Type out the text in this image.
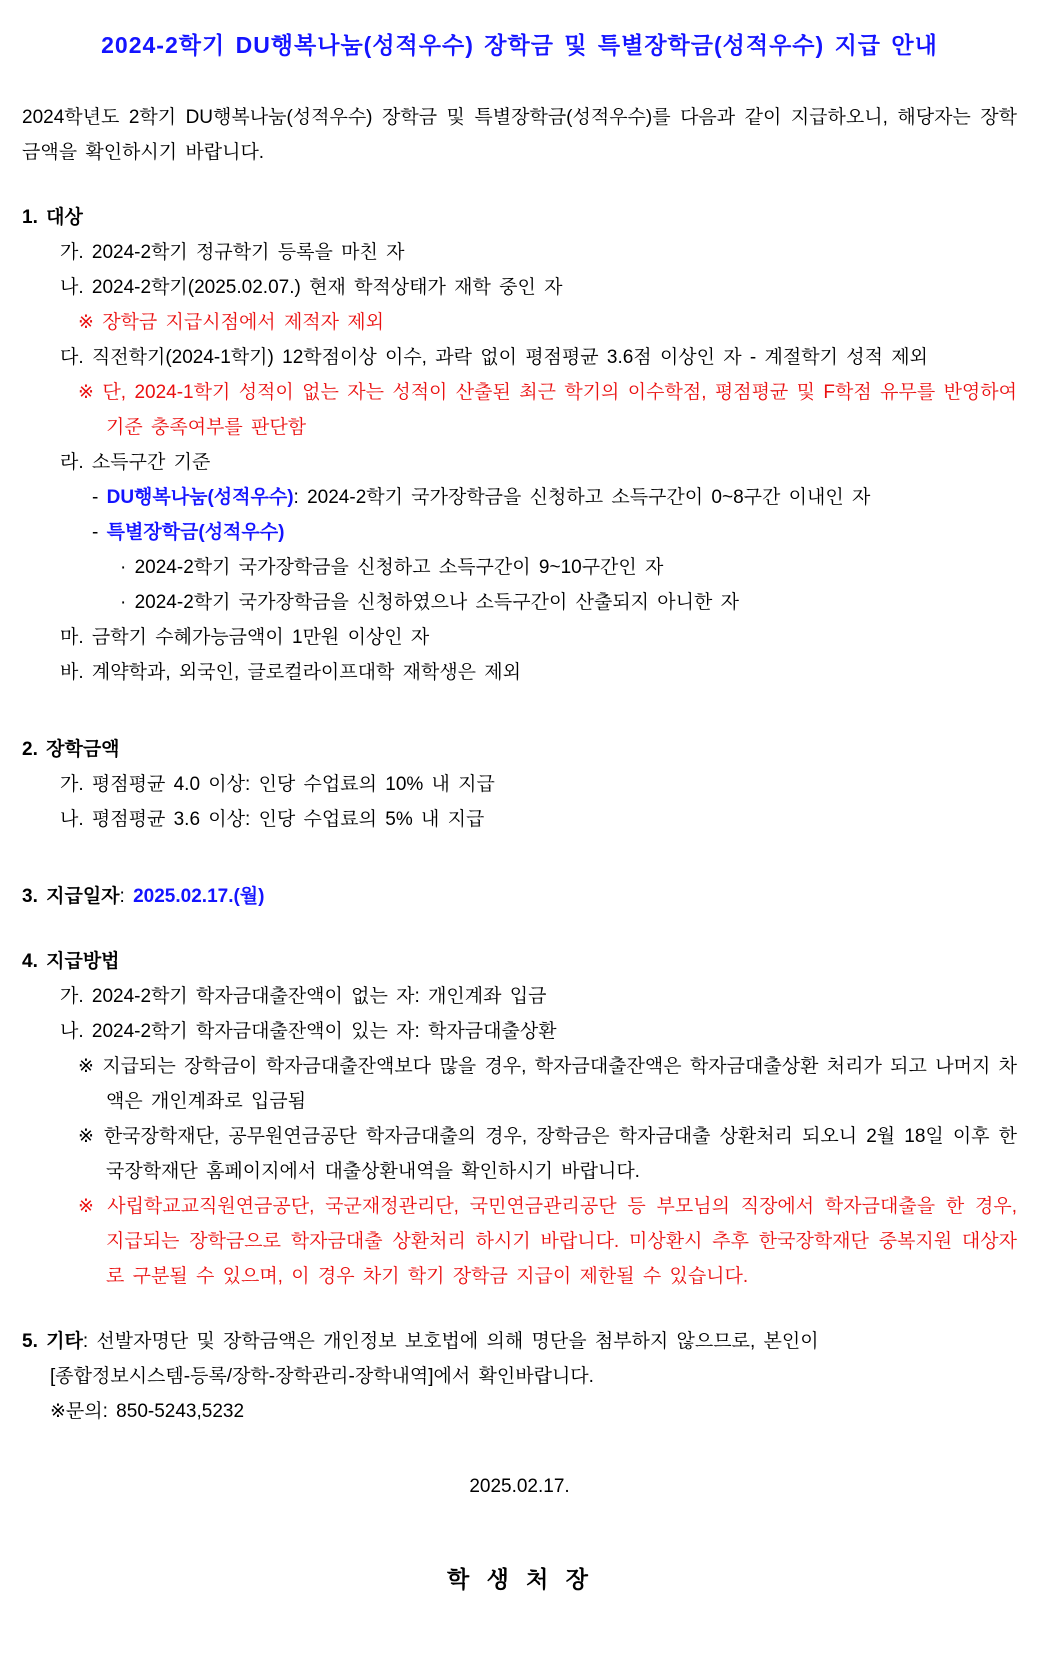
2024-2학기 DU행복나눔(성적우수) 장학금 및 특별장학금(성적우수) 지급 안내
2024학년도 2학기 DU행복나눔(성적우수) 장학금 및 특별장학금(성적우수)를 다음과 같이 지급하오니, 해당자는 장학금액을 확인하시기 바랍니다.
1. 대상
가. 2024-2학기 정규학기 등록을 마친 자
나. 2024-2학기(2025.02.07.) 현재 학적상태가 재학 중인 자
※ 장학금 지급시점에서 제적자 제외
다. 직전학기(2024-1학기) 12학점이상 이수, 과락 없이 평점평균 3.6점 이상인 자 - 계절학기 성적 제외
※ 단, 2024-1학기 성적이 없는 자는 성적이 산출된 최근 학기의 이수학점, 평점평균 및 F학점 유무를 반영하여 기준 충족여부를 판단함
라. 소득구간 기준
- DU행복나눔(성적우수): 2024-2학기 국가장학금을 신청하고 소득구간이 0~8구간 이내인 자
- 특별장학금(성적우수)
· 2024-2학기 국가장학금을 신청하고 소득구간이 9~10구간인 자
· 2024-2학기 국가장학금을 신청하였으나 소득구간이 산출되지 아니한 자
마. 금학기 수혜가능금액이 1만원 이상인 자
바. 계약학과, 외국인, 글로컬라이프대학 재학생은 제외
2. 장학금액
가. 평점평균 4.0 이상: 인당 수업료의 10% 내 지급
나. 평점평균 3.6 이상: 인당 수업료의 5% 내 지급
3. 지급일자: 2025.02.17.(월)
4. 지급방법
가. 2024-2학기 학자금대출잔액이 없는 자: 개인계좌 입금
나. 2024-2학기 학자금대출잔액이 있는 자: 학자금대출상환
※ 지급되는 장학금이 학자금대출잔액보다 많을 경우, 학자금대출잔액은 학자금대출상환 처리가 되고 나머지 차액은 개인계좌로 입금됨
※ 한국장학재단, 공무원연금공단 학자금대출의 경우, 장학금은 학자금대출 상환처리 되오니 2월 18일 이후 한국장학재단 홈페이지에서 대출상환내역을 확인하시기 바랍니다.
※ 사립학교교직원연금공단, 국군재정관리단, 국민연금관리공단 등 부모님의 직장에서 학자금대출을 한 경우, 지급되는 장학금으로 학자금대출 상환처리 하시기 바랍니다. 미상환시 추후 한국장학재단 중복지원 대상자로 구분될 수 있으며, 이 경우 차기 학기 장학금 지급이 제한될 수 있습니다.
5. 기타: 선발자명단 및 장학금액은 개인정보 보호법에 의해 명단을 첨부하지 않으므로, 본인이
[종합정보시스템-등록/장학-장학관리-장학내역]에서 확인바랍니다.
※문의: 850-5243,5232
2025.02.17.
학 생 처 장
